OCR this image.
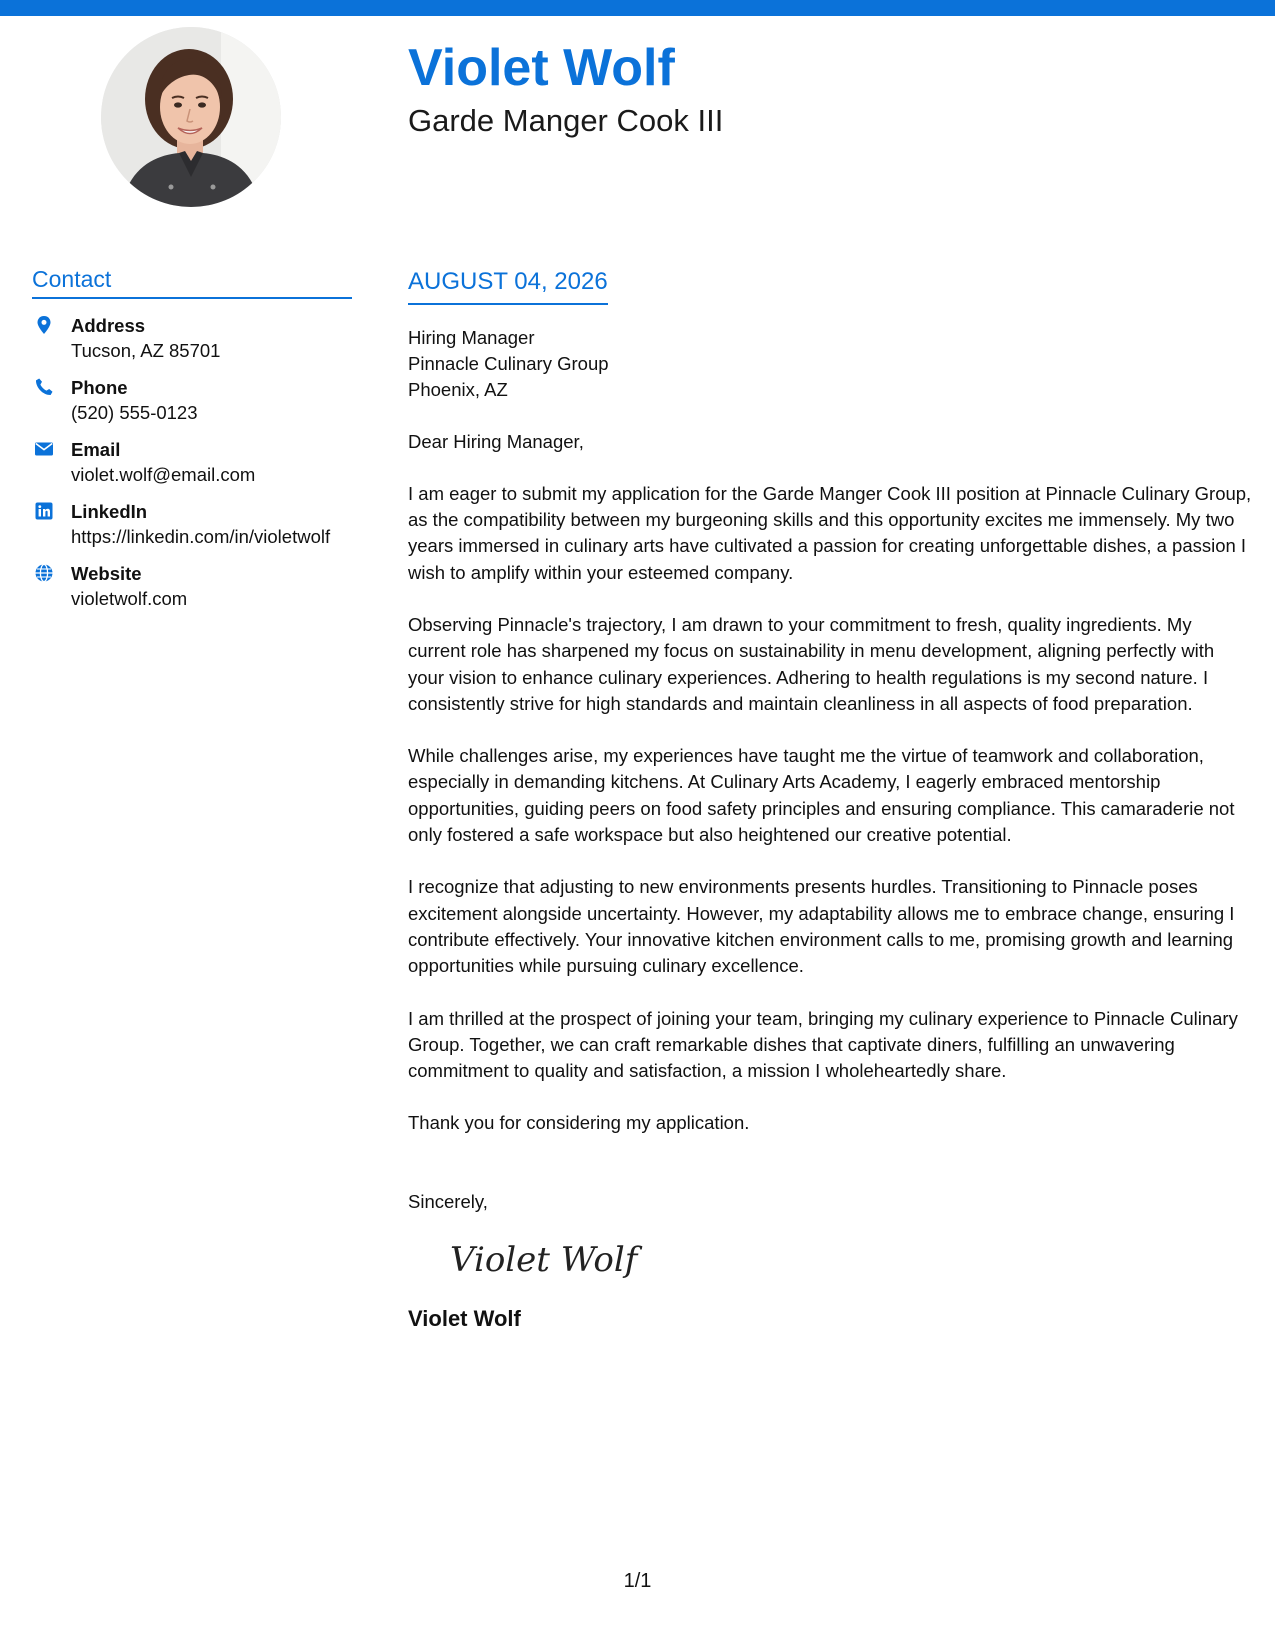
Violet Wolf
Garde Manger Cook III
Contact
Address
Tucson, AZ 85701
Phone
(520) 555-0123
Email
violet.wolf@email.com
LinkedIn
https://linkedin.com/in/violetwolf
Website
violetwolf.com
AUGUST 04, 2026
Hiring Manager
Pinnacle Culinary Group
Phoenix, AZ
Dear Hiring Manager,
I am eager to submit my application for the Garde Manger Cook III position at Pinnacle Culinary Group, as the compatibility between my burgeoning skills and this opportunity excites me immensely. My two years immersed in culinary arts have cultivated a passion for creating unforgettable dishes, a passion I wish to amplify within your esteemed company.
Observing Pinnacle's trajectory, I am drawn to your commitment to fresh, quality ingredients. My current role has sharpened my focus on sustainability in menu development, aligning perfectly with your vision to enhance culinary experiences. Adhering to health regulations is my second nature. I consistently strive for high standards and maintain cleanliness in all aspects of food preparation.
While challenges arise, my experiences have taught me the virtue of teamwork and collaboration, especially in demanding kitchens. At Culinary Arts Academy, I eagerly embraced mentorship opportunities, guiding peers on food safety principles and ensuring compliance. This camaraderie not only fostered a safe workspace but also heightened our creative potential.
I recognize that adjusting to new environments presents hurdles. Transitioning to Pinnacle poses excitement alongside uncertainty. However, my adaptability allows me to embrace change, ensuring I contribute effectively. Your innovative kitchen environment calls to me, promising growth and learning opportunities while pursuing culinary excellence.
I am thrilled at the prospect of joining your team, bringing my culinary experience to Pinnacle Culinary Group. Together, we can craft remarkable dishes that captivate diners, fulfilling an unwavering commitment to quality and satisfaction, a mission I wholeheartedly share.
Thank you for considering my application.
Sincerely,
Violet Wolf
Violet Wolf
1/1
